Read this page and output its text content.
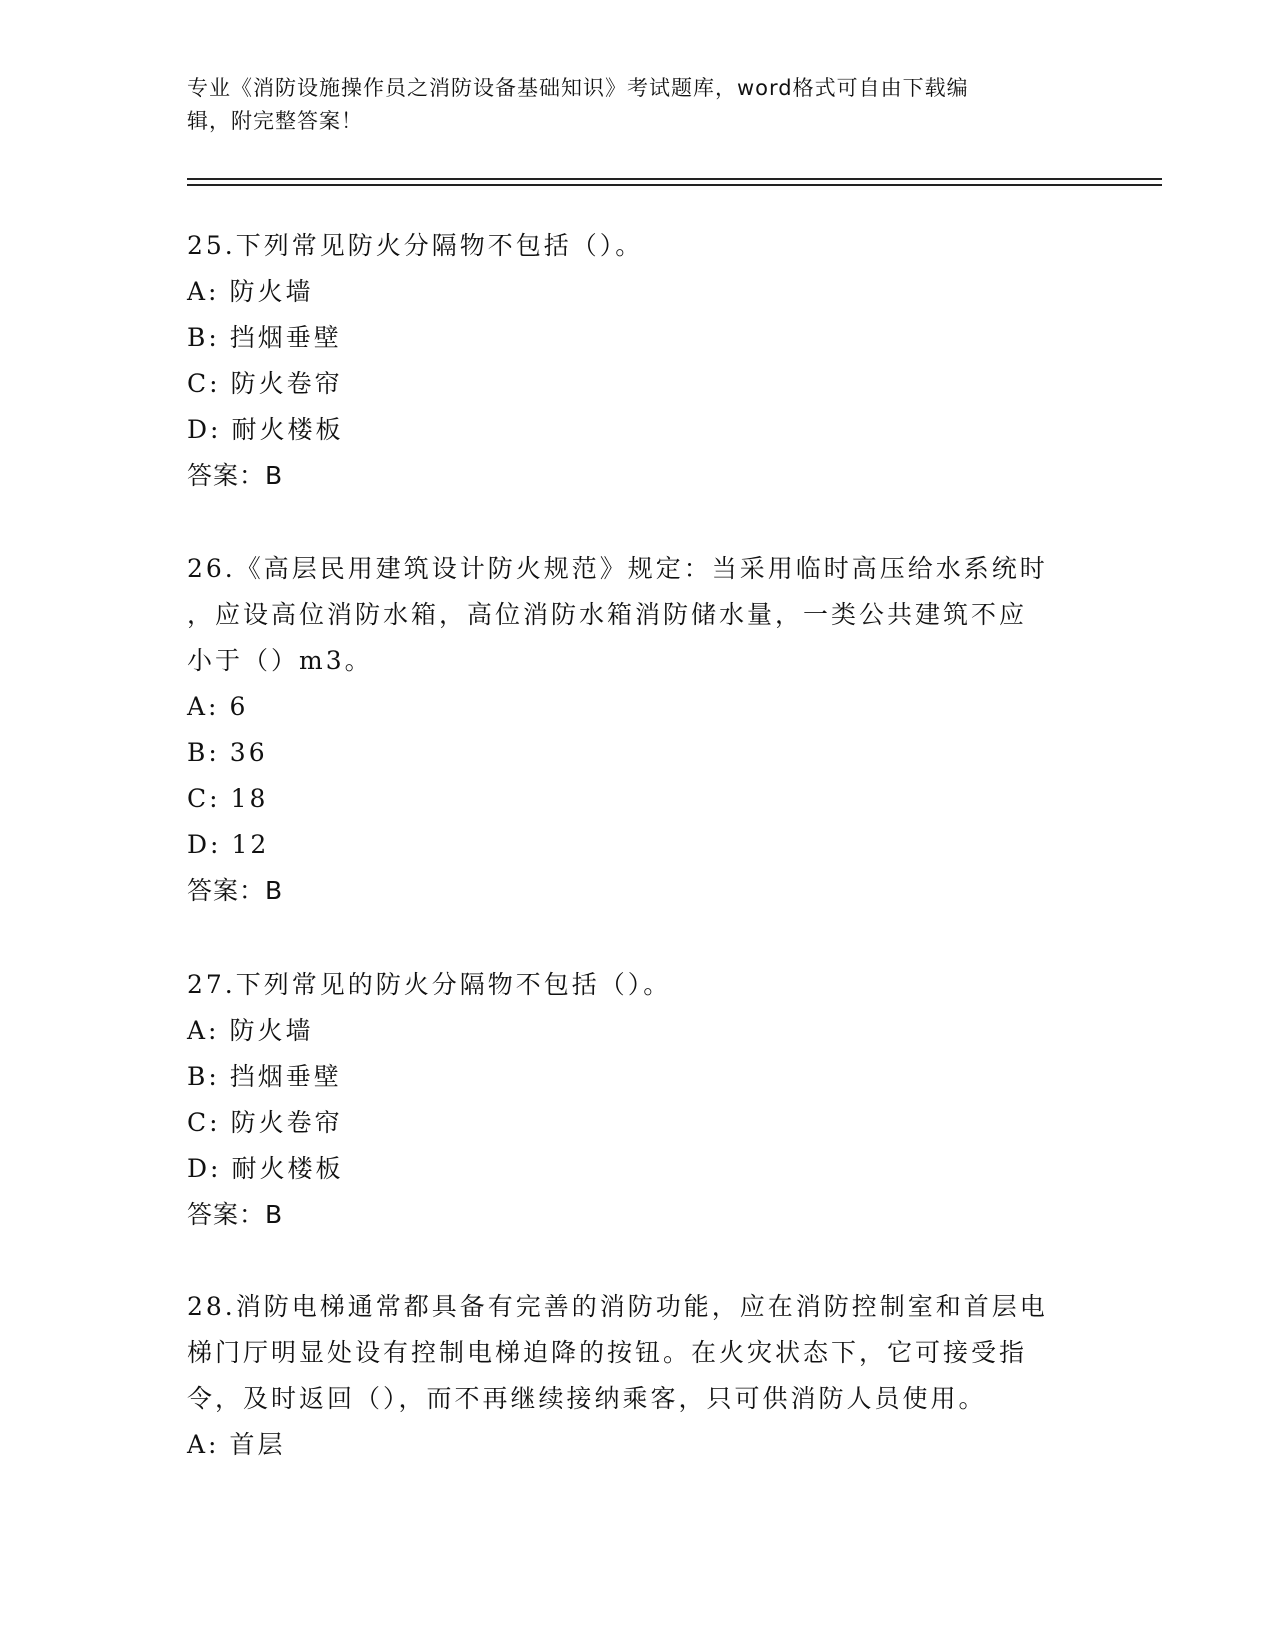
专业《消防设施操作员之消防设备基础知识》考试题库，word格式可自由下载编
辑，附完整答案！
25.下列常见防火分隔物不包括（）。
A: 防火墙
B: 挡烟垂壁
C: 防火卷帘
D: 耐火楼板
答案：B
26.《高层民用建筑设计防火规范》规定：当采用临时高压给水系统时
，应设高位消防水箱，高位消防水箱消防储水量，一类公共建筑不应
小于（）m3。
A: 6
B: 36
C: 18
D: 12
答案：B
27.下列常见的防火分隔物不包括（）。
A: 防火墙
B: 挡烟垂壁
C: 防火卷帘
D: 耐火楼板
答案：B
28.消防电梯通常都具备有完善的消防功能，应在消防控制室和首层电
梯门厅明显处设有控制电梯迫降的按钮。在火灾状态下，它可接受指
令，及时返回（），而不再继续接纳乘客，只可供消防人员使用。
A: 首层
